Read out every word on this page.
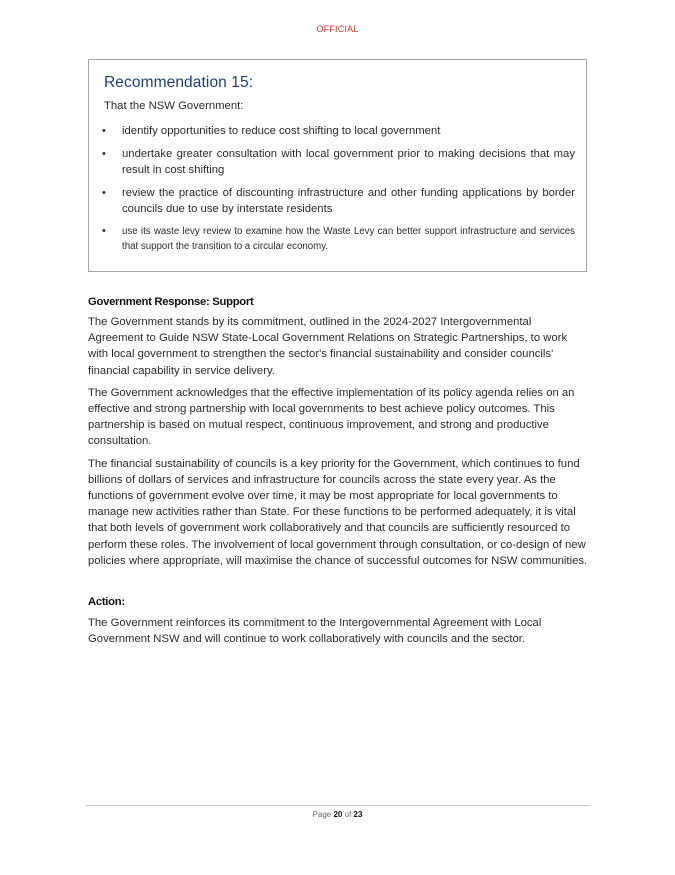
OFFICIAL
Recommendation 15:
That the NSW Government:
• identify opportunities to reduce cost shifting to local government
• undertake greater consultation with local government prior to making decisions that may result in cost shifting
• review the practice of discounting infrastructure and other funding applications by border councils due to use by interstate residents
• use its waste levy review to examine how the Waste Levy can better support infrastructure and services that support the transition to a circular economy.
Government Response: Support

The Government stands by its commitment, outlined in the 2024-2027 Intergovernmental Agreement to Guide NSW State-Local Government Relations on Strategic Partnerships, to work with local government to strengthen the sector's financial sustainability and consider councils' financial capability in service delivery.

The Government acknowledges that the effective implementation of its policy agenda relies on an effective and strong partnership with local governments to best achieve policy outcomes. This partnership is based on mutual respect, continuous improvement, and strong and productive consultation.

The financial sustainability of councils is a key priority for the Government, which continues to fund billions of dollars of services and infrastructure for councils across the state every year. As the functions of government evolve over time, it may be most appropriate for local governments to manage new activities rather than State. For these functions to be performed adequately, it is vital that both levels of government work collaboratively and that councils are sufficiently resourced to perform these roles. The involvement of local government through consultation, or co-design of new policies where appropriate, will maximise the chance of successful outcomes for NSW communities.

Action:

The Government reinforces its commitment to the Intergovernmental Agreement with Local Government NSW and will continue to work collaboratively with councils and the sector.

Page 20 of 23
